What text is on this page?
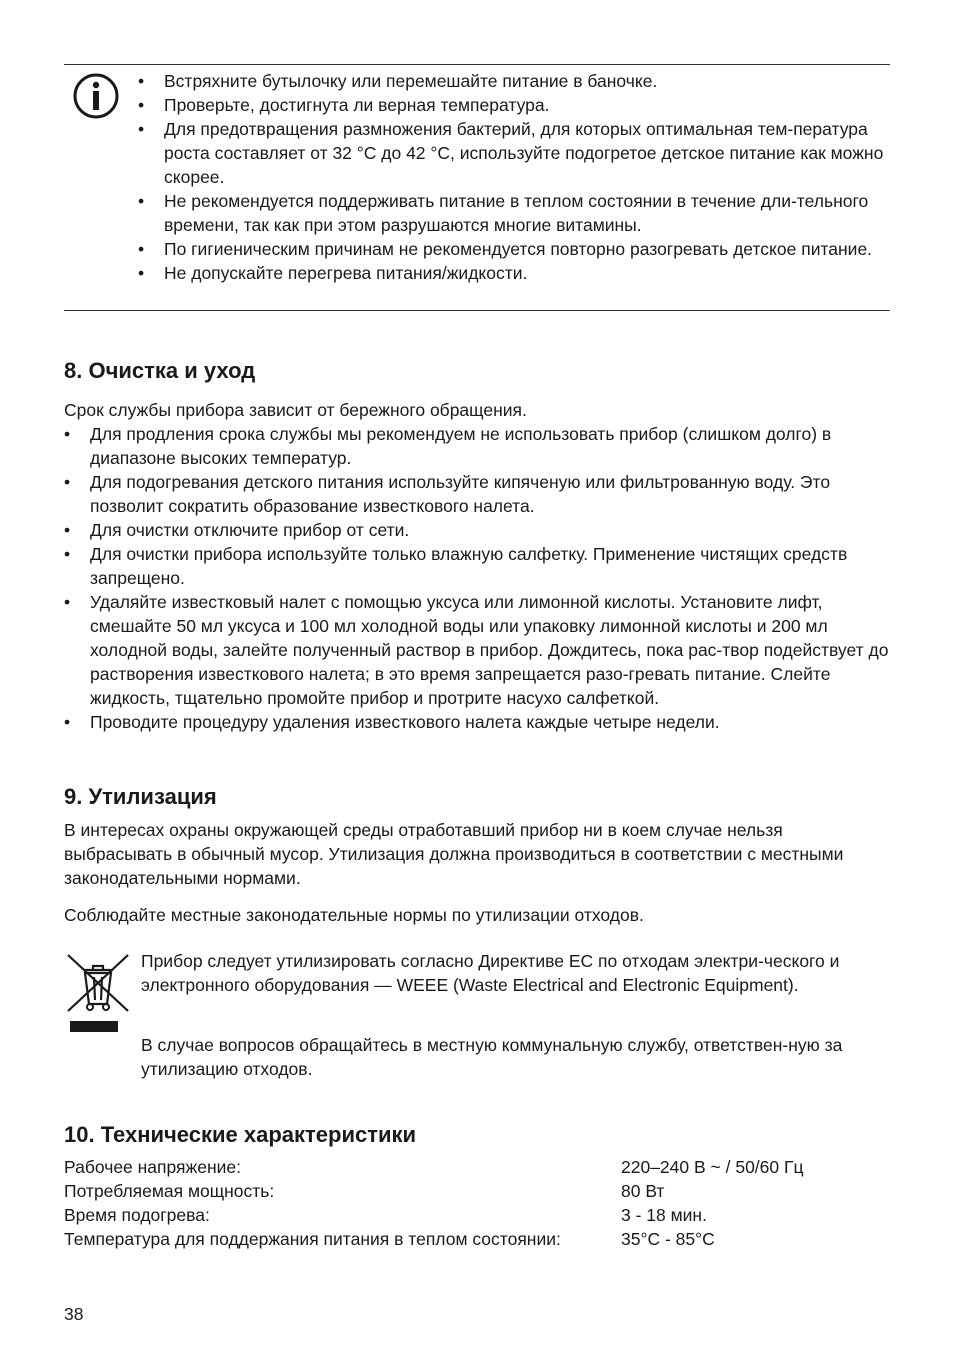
• Встряхните бутылочку или перемешайте питание в баночке.
• Проверьте, достигнута ли верная температура.
• Для предотвращения размножения бактерий, для которых оптимальная тем-пература роста составляет от 32 °C до 42 °C, используйте подогретое детское питание как можно скорее.
• Не рекомендуется поддерживать питание в теплом состоянии в течение дли-тельного времени, так как при этом разрушаются многие витамины.
• По гигиеническим причинам не рекомендуется повторно разогревать детское питание.
• Не допускайте перегрева питания/жидкости.
8. Очистка и уход

Срок службы прибора зависит от бережного обращения.

• Для продления срока службы мы рекомендуем не использовать прибор (слишком долго) в диапазоне высоких температур.
• Для подогревания детского питания используйте кипяченую или фильтрованную воду. Это позволит сократить образование известкового налета.
• Для очистки отключите прибор от сети.
• Для очистки прибора используйте только влажную салфетку. Применение чистящих средств запрещено.
• Удаляйте известковый налет с помощью уксуса или лимонной кислоты. Установите лифт, смешайте 50 мл уксуса и 100 мл холодной воды или упаковку лимонной кислоты и 200 мл холодной воды, залейте полученный раствор в прибор. Дождитесь, пока рас-твор подействует до растворения известкового налета; в это время запрещается разо-гревать питание. Слейте жидкость, тщательно промойте прибор и протрите насухо салфеткой.
• Проводите процедуру удаления известкового налета каждые четыре недели.
9. Утилизация

В интересах охраны окружающей среды отработавший прибор ни в коем случае нельзя выбрасывать в обычный мусор. Утилизация должна производиться в соответствии с местными законодательными нормами.

Соблюдайте местные законодательные нормы по утилизации отходов.

Прибор следует утилизировать согласно Директиве ЕС по отходам электри-ческого и электронного оборудования — WEEE (Waste Electrical and Electronic Equipment).

В случае вопросов обращайтесь в местную коммунальную службу, ответствен-ную за утилизацию отходов.

10. Технические характеристики
Рабочее напряжение:	220–240 В ~ / 50/60 Гц
Потребляемая мощность:	80 Вт
Время подогрева:	3 - 18 мин.
Температура для поддержания питания в теплом состоянии:	35°C - 85°C
38
